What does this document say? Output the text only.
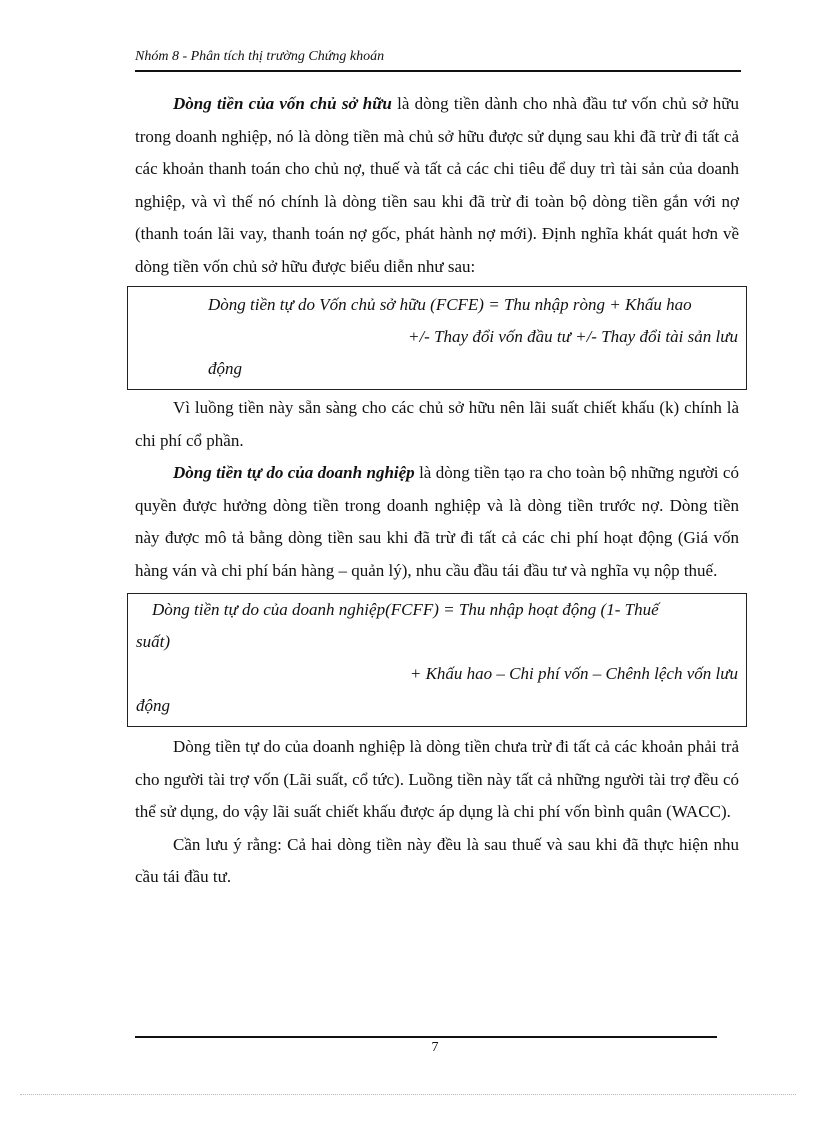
Nhóm 8 - Phân tích thị trường Chứng khoán

Dòng tiền của vốn chủ sở hữu là dòng tiền dành cho nhà đầu tư vốn chủ sở hữu trong doanh nghiệp, nó là dòng tiền mà chủ sở hữu được sử dụng sau khi đã trừ đi tất cả các khoản thanh toán cho chủ nợ, thuế và tất cả các chi tiêu để duy trì tài sản của doanh nghiệp, và vì thế nó chính là dòng tiền sau khi đã trừ đi toàn bộ dòng tiền gắn với nợ (thanh toán lãi vay, thanh toán nợ gốc, phát hành nợ mới). Định nghĩa khát quát hơn về dòng tiền vốn chủ sở hữu được biểu diễn như sau:

Dòng tiền tự do Vốn chủ sở hữu (FCFE) = Thu nhập ròng + Khấu hao
+/- Thay đổi vốn đầu tư +/- Thay đổi tài sản lưu
động

Vì luồng tiền này sẵn sàng cho các chủ sở hữu nên lãi suất chiết khấu (k) chính là chi phí cổ phần.

Dòng tiền tự do của doanh nghiệp là dòng tiền tạo ra cho toàn bộ những người có quyền được hưởng dòng tiền trong doanh nghiệp và là dòng tiền trước nợ. Dòng tiền này được mô tả bằng dòng tiền sau khi đã trừ đi tất cả các chi phí hoạt động (Giá vốn hàng ván và chi phí bán hàng – quản lý), nhu cầu đầu tái đầu tư và nghĩa vụ nộp thuế.

Dòng tiền tự do của doanh nghiệp(FCFF) = Thu nhập hoạt động (1- Thuế
suất)
+ Khấu hao – Chi phí vốn – Chênh lệch vốn lưu
động

Dòng tiền tự do của doanh nghiệp là dòng tiền chưa trừ đi tất cả các khoản phải trả cho người tài trợ vốn (Lãi suất, cổ tức). Luồng tiền này tất cả những người tài trợ đều có thể sử dụng, do vậy lãi suất chiết khấu được áp dụng là chi phí vốn bình quân (WACC).

Cần lưu ý rằng: Cả hai dòng tiền này đều là sau thuế và sau khi đã thực hiện nhu cầu tái đầu tư.

7
